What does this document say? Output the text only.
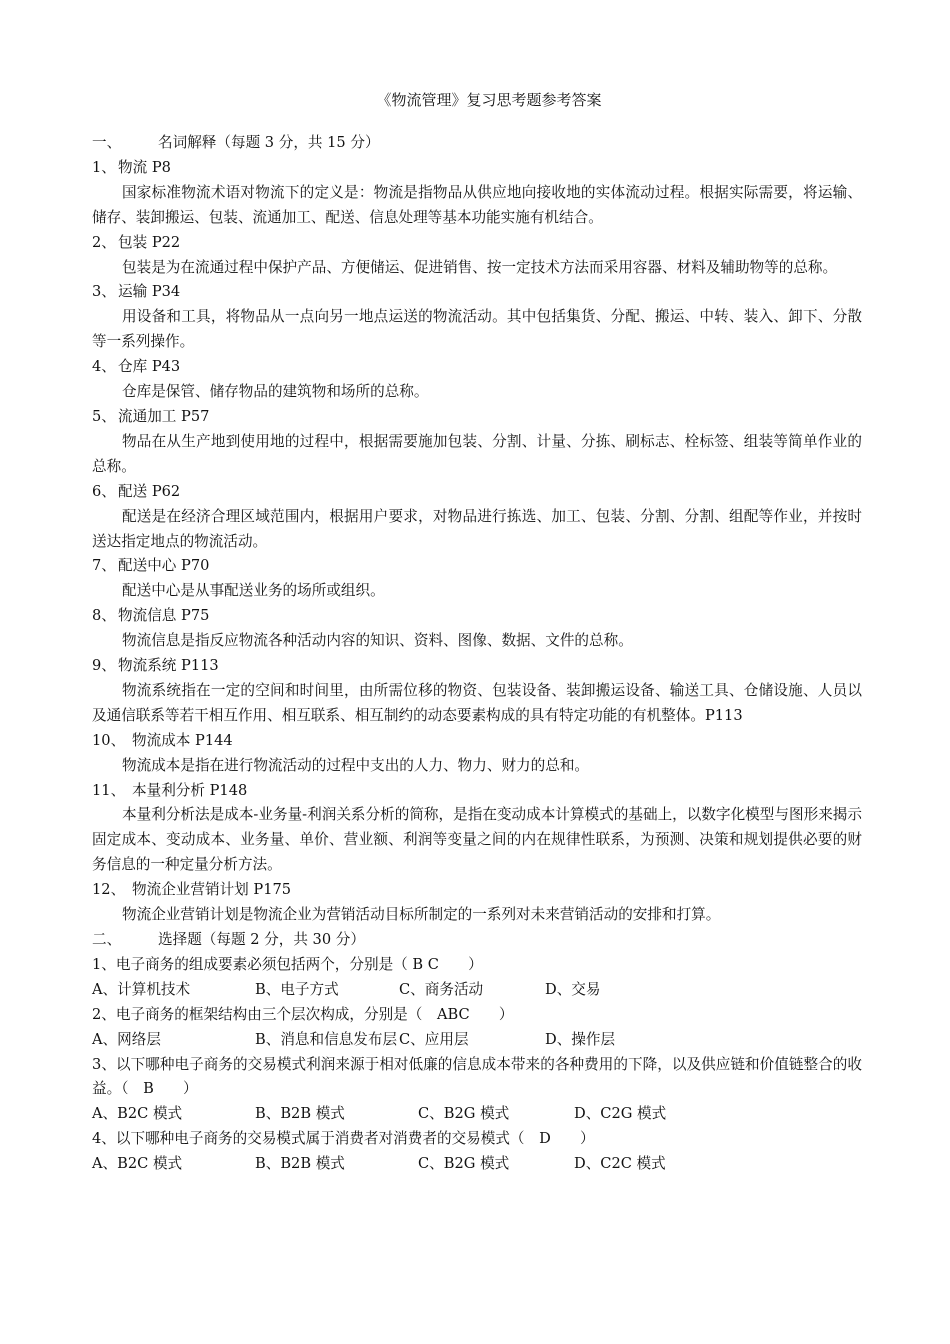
《物流管理》复习思考题参考答案
一、	名词解释（每题 3 分，共 15 分）
1、 物流 P8
国家标准物流术语对物流下的定义是：物流是指物品从供应地向接收地的实体流动过程。根据实际需要，将运输、储存、装卸搬运、包装、流通加工、配送、信息处理等基本功能实施有机结合。
2、 包装 P22
包装是为在流通过程中保护产品、方便储运、促进销售、按一定技术方法而采用容器、材料及辅助物等的总称。
3、 运输 P34
用设备和工具，将物品从一点向另一地点运送的物流活动。其中包括集货、分配、搬运、中转、装入、卸下、分散等一系列操作。
4、 仓库 P43
仓库是保管、储存物品的建筑物和场所的总称。
5、 流通加工 P57
物品在从生产地到使用地的过程中，根据需要施加包装、分割、计量、分拣、刷标志、栓标签、组装等简单作业的总称。
6、 配送 P62
配送是在经济合理区域范围内，根据用户要求，对物品进行拣选、加工、包装、分割、分割、组配等作业，并按时送达指定地点的物流活动。
7、 配送中心 P70
配送中心是从事配送业务的场所或组织。
8、 物流信息 P75
物流信息是指反应物流各种活动内容的知识、资料、图像、数据、文件的总称。
9、 物流系统 P113
物流系统指在一定的空间和时间里，由所需位移的物资、包装设备、装卸搬运设备、输送工具、仓储设施、人员以及通信联系等若干相互作用、相互联系、相互制约的动态要素构成的具有特定功能的有机整体。P113
10、 物流成本 P144
物流成本是指在进行物流活动的过程中支出的人力、物力、财力的总和。
11、 本量利分析 P148
本量利分析法是成本-业务量-利润关系分析的简称，是指在变动成本计算模式的基础上，以数字化模型与图形来揭示固定成本、变动成本、业务量、单价、营业额、利润等变量之间的内在规律性联系，为预测、决策和规划提供必要的财务信息的一种定量分析方法。
12、 物流企业营销计划 P175
物流企业营销计划是物流企业为营销活动目标所制定的一系列对未来营销活动的安排和打算。
二、	选择题（每题 2 分，共 30 分）
1、电子商务的组成要素必须包括两个，分别是（ B C　　）
A、计算机技术	B、电子方式	C、商务活动	D、交易
2、电子商务的框架结构由三个层次构成，分别是（　ABC　　）
A、网络层	B、消息和信息发布层 C、应用层	D、操作层
3、以下哪种电子商务的交易模式利润来源于相对低廉的信息成本带来的各种费用的下降，以及供应链和价值链整合的收益。（　B　　）
A、B2C 模式	B、B2B 模式	C、B2G 模式	D、C2G 模式
4、以下哪种电子商务的交易模式属于消费者对消费者的交易模式（　D　　）
A、B2C 模式	B、B2B 模式	C、B2G 模式	D、C2C 模式
